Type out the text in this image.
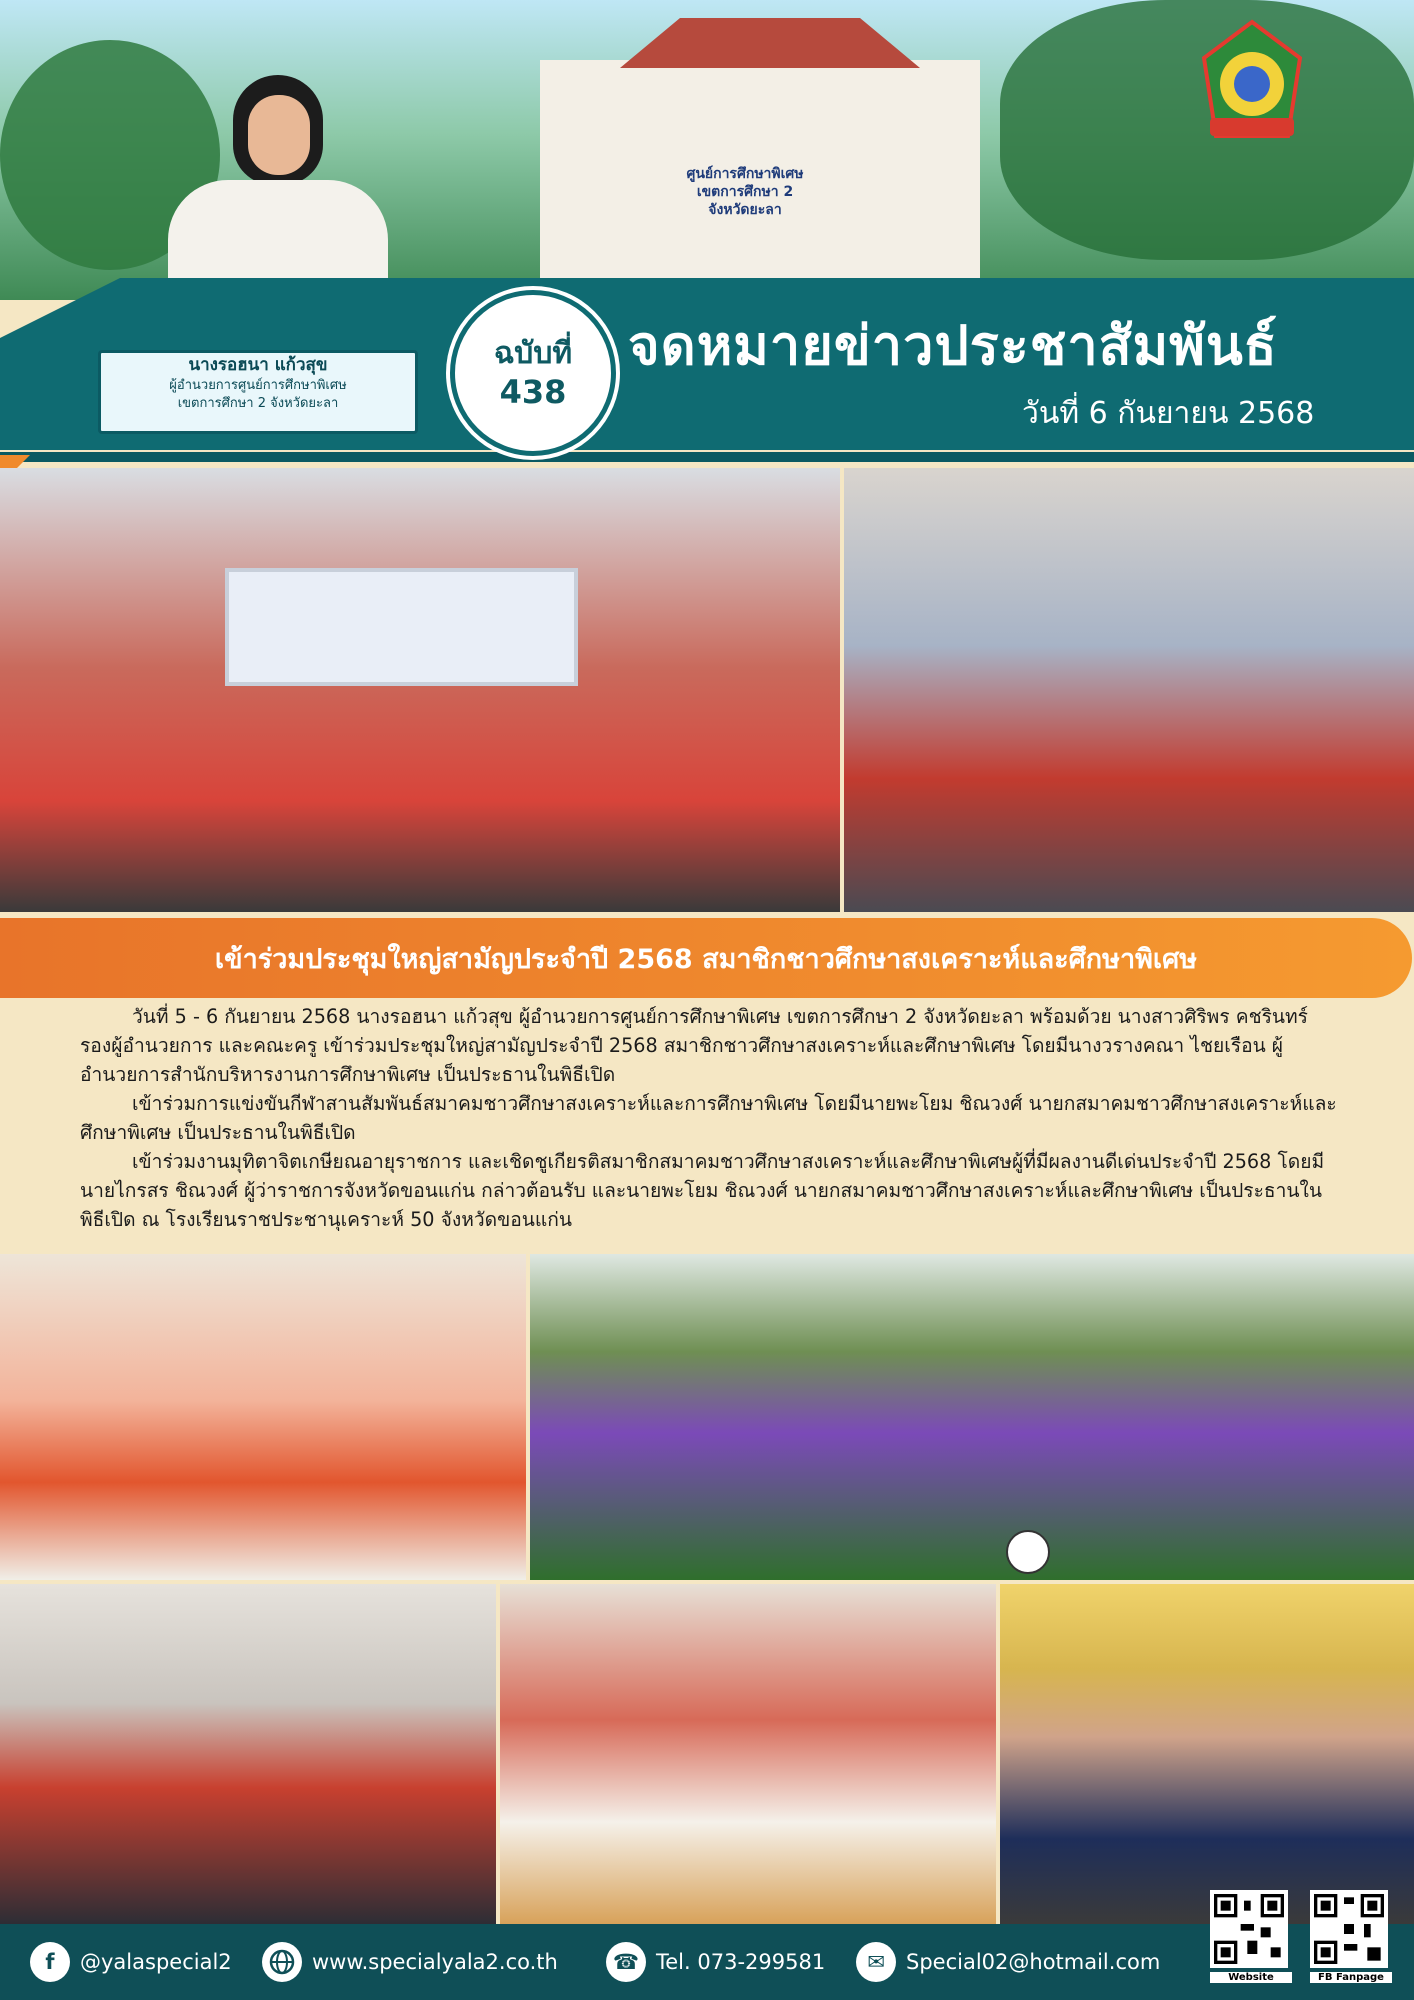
ศูนย์การศึกษาพิเศษ
เขตการศึกษา 2
จังหวัดยะลา
นางรอฮนา แก้วสุข
ผู้อำนวยการศูนย์การศึกษาพิเศษ
เขตการศึกษา 2 จังหวัดยะลา
ฉบับที่
438
จดหมายข่าวประชาสัมพันธ์
วันที่ 6 กันยายน 2568
เข้าร่วมประชุมใหญ่สามัญประจำปี 2568 สมาชิกชาวศึกษาสงเคราะห์และศึกษาพิเศษ

วันที่ 5 - 6 กันยายน 2568 นางรอฮนา แก้วสุข ผู้อำนวยการศูนย์การศึกษาพิเศษ เขตการศึกษา 2 จังหวัดยะลา พร้อมด้วย นางสาวศิริพร คชรินทร์ รองผู้อำนวยการ และคณะครู เข้าร่วมประชุมใหญ่สามัญประจำปี 2568 สมาชิกชาวศึกษาสงเคราะห์และศึกษาพิเศษ โดยมีนางวรางคณา ไชยเรือน ผู้อำนวยการสำนักบริหารงานการศึกษาพิเศษ เป็นประธานในพิธีเปิด

เข้าร่วมการแข่งขันกีฬาสานสัมพันธ์สมาคมชาวศึกษาสงเคราะห์และการศึกษาพิเศษ โดยมีนายพะโยม ชิณวงศ์ นายกสมาคมชาวศึกษาสงเคราะห์และศึกษาพิเศษ เป็นประธานในพิธีเปิด

เข้าร่วมงานมุทิตาจิตเกษียณอายุราชการ และเชิดชูเกียรติสมาชิกสมาคมชาวศึกษาสงเคราะห์และศึกษาพิเศษผู้ที่มีผลงานดีเด่นประจำปี 2568 โดยมีนายไกรสร ชิณวงศ์ ผู้ว่าราชการจังหวัดขอนแก่น กล่าวต้อนรับ และนายพะโยม ชิณวงศ์ นายกสมาคมชาวศึกษาสงเคราะห์และศึกษาพิเศษ เป็นประธานในพิธีเปิด ณ โรงเรียนราชประชานุเคราะห์ 50 จังหวัดขอนแก่น

f	@yalaspecial2	www.specialyala2.co.th	☎ Tel. 073-299581	✉	Special02@hotmail.com
Website	FB Fanpage
